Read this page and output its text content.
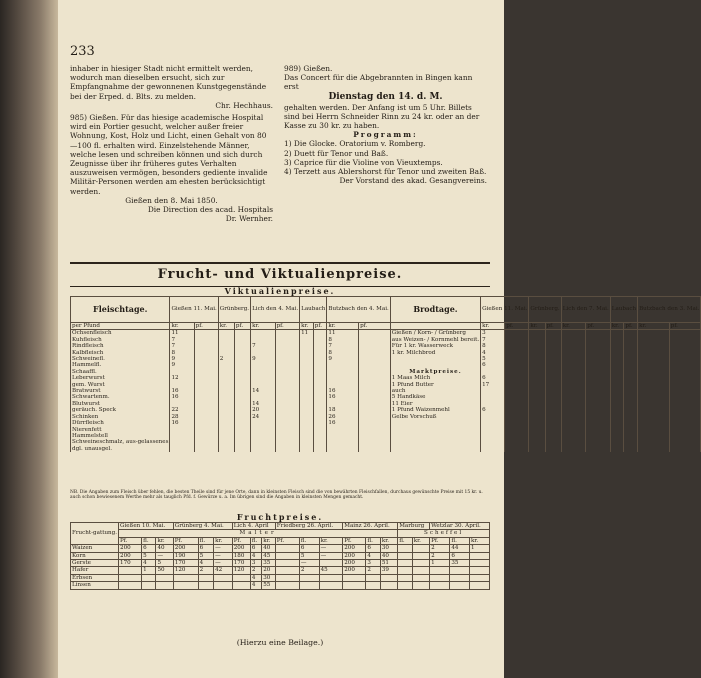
233

inhaber in hiesiger Stadt nicht ermittelt werden, wodurch man dieselben ersucht, sich zur Empfangnahme der gewonnenen Kunstgegenstände bei der Erped. d. Blts. zu melden.

Chr. Hechhaus.

985) Gießen. Für das hiesige academische Hospital wird ein Portier gesucht, welcher außer freier Wohnung, Kost, Holz und Licht, einen Gehalt von 80—100 fl. erhalten wird. Einzelstehende Männer, welche lesen und schreiben können und sich durch Zeugnisse über ihr früheres gutes Verhalten auszuweisen vermögen, besonders gediente invalide Militär-Personen werden am ehesten berücksichtigt werden.

Gießen den 8. Mai 1850.

Die Direction des acad. Hospitals

Dr. Wernher.

989) Gießen.

Das Concert für die Abgebrannten in Bingen kann erst

Dienstag den 14. d. M.

gehalten werden. Der Anfang ist um 5 Uhr. Billets sind bei Herrn Schneider Rinn zu 24 kr. oder an der Kasse zu 30 kr. zu haben.

Programm:

1) Die Glocke. Oratorium v. Romberg.

2) Duett für Tenor und Baß.

3) Caprice für die Violine von Vieuxtemps.

4) Terzett aus Ablershorst für Tenor und zweiten Baß.

Der Vorstand des akad. Gesangvereins.

Frucht- und Viktualienpreise.
Viktualienpreise.
Fleischtage.	Gießen 11. Mai.		Grünberg.		Lich den 4. Mai.		Laubach		Butzbach den 4. Mai.		Brodtage.	Gießen 11. Mai.		Grünberg.		Lich den 7. Mai.		Laubach		Butzbach den 3. Mai.	
per Pfund	kr.	pf.	kr.	pf.	kr.	pf.	kr.	pf.	kr.	pf.		kr.	pf.	kr.	pf.	kr.	pf.	kr.	pf.	kr.	pf.
Ochsenfleisch	11						11		11		Gießen / Korn- / Grünberg	3									
Kuhfleisch	7								8		aus Weizen- / Kornmehl bereit.	7									
Rindfleisch	7				7				7		Für 1 kr. Wasserweck	8									
Kalbfleisch	8								8		1 kr. Milchbrod	4									
Schweinefl.	9		2		9				9			5									
Hammelfl.	9											6									
Schaaffl.											Marktpreise.										
Leberwurst	12										1 Maas Milch	6									
gem. Wurst											1 Pfund Butter	17									
Bratwurst	16				14				16		auch										
Schwartenm.	16								16		5 Handkäse										
Blutwurst					14						11 Eier										
geräuch. Speck	22				20				18		1 Pfund Waizenmehl	6									
Schinken	28				24				26		Gelbe Vorschuß										
Dürrfleisch	16								16												
Nierenfett																					
Hammelstell																					
Schweineschmalz, aus-gelassenes																					
dgl. unausgel.																					
NB. Die Angaben zum Fleisch über fehlen, die besten Theile sind für jene Orte, dann in kleinsten Fleisch sind die von bewährten Fleischfallen, durchaus gewünschte Preise mit 15 kr. u. auch schon bewiesenem Werthe mehr als tauglich Pfd. f. Gewürze u. a. Im übrigen sind die Angaben in kleinsten Mengen gemacht.
Fruchtpreise.
Frucht-gattung.	Gießen 10. Mai.			Grünberg 4. Mai.			Lich 4. April			Friedberg 26. April.			Mainz 26. April.			Marburg		Wetzlar 30. April.		
	Malter															Scheffel				
	Pf.	fl.	kr.	Pf.	fl.	kr.	Pf.	fl.	kr.	Pf.	fl.	kr.	Pf.	fl.	kr.	fl.	kr.	Pf.	fl.	kr.
Waizen	200	6	40	200	6	—	200	6	40		6	—	200	6	30			2	44	1
Korn	200	5	—	190	5	—	180	4	45		5	—	200	4	40			2	6	
Gerste	170	4	5	170	4	—	170	3	35		—		200	3	51			1	35	
Hafer		1	50	120	2	42	120	2	20		2	45	200	2	39					
Erbsen								4	30											
Linsen								4	55											
(Hierzu eine Beilage.)
